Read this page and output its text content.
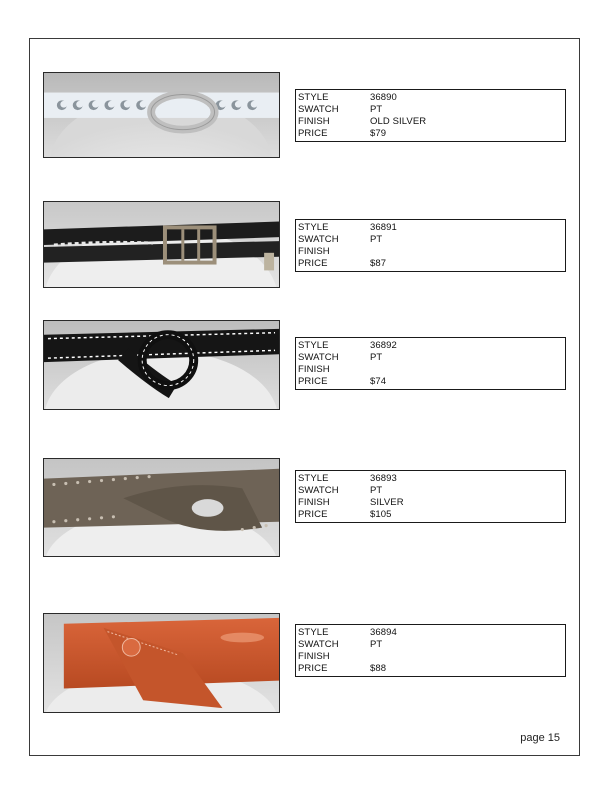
STYLE	36890
SWATCH	PT
FINISH	OLD SILVER
PRICE	$79
STYLE	36891
SWATCH	PT
FINISH
PRICE	$87
STYLE	36892
SWATCH	PT
FINISH
PRICE	$74
STYLE	36893
SWATCH	PT
FINISH	SILVER
PRICE	$105
STYLE	36894
SWATCH	PT
FINISH
PRICE	$88
page 15
